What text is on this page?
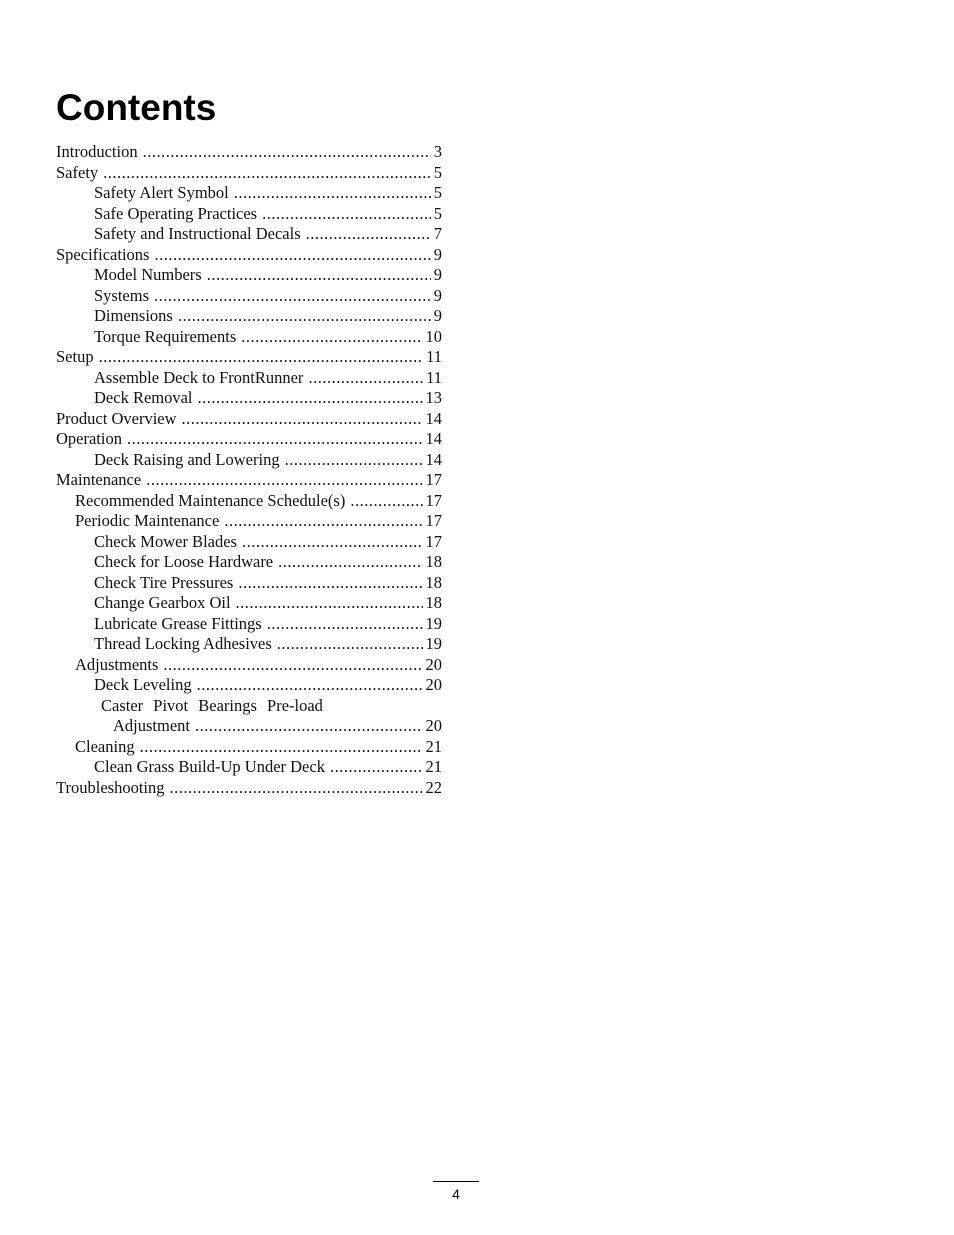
Contents
Introduction .....	3
Safety .....	5
Safety Alert Symbol .....	5
Safe Operating Practices .....	5
Safety and Instructional Decals .....	7
Specifications .....	9
Model Numbers .....	9
Systems .....	9
Dimensions .....	9
Torque Requirements .....	10
Setup .....	11
Assemble Deck to FrontRunner .....	11
Deck Removal .....	13
Product Overview .....	14
Operation .....	14
Deck Raising and Lowering .....	14
Maintenance .....	17
Recommended Maintenance Schedule(s) .....	17
Periodic Maintenance .....	17
Check Mower Blades .....	17
Check for Loose Hardware .....	18
Check Tire Pressures .....	18
Change Gearbox Oil .....	18
Lubricate Grease Fittings .....	19
Thread Locking Adhesives .....	19
Adjustments .....	20
Deck Leveling .....	20
Caster Pivot Bearings Pre-load
Adjustment .....	20
Cleaning .....	21
Clean Grass Build-Up Under Deck .....	21
Troubleshooting .....	22
4
